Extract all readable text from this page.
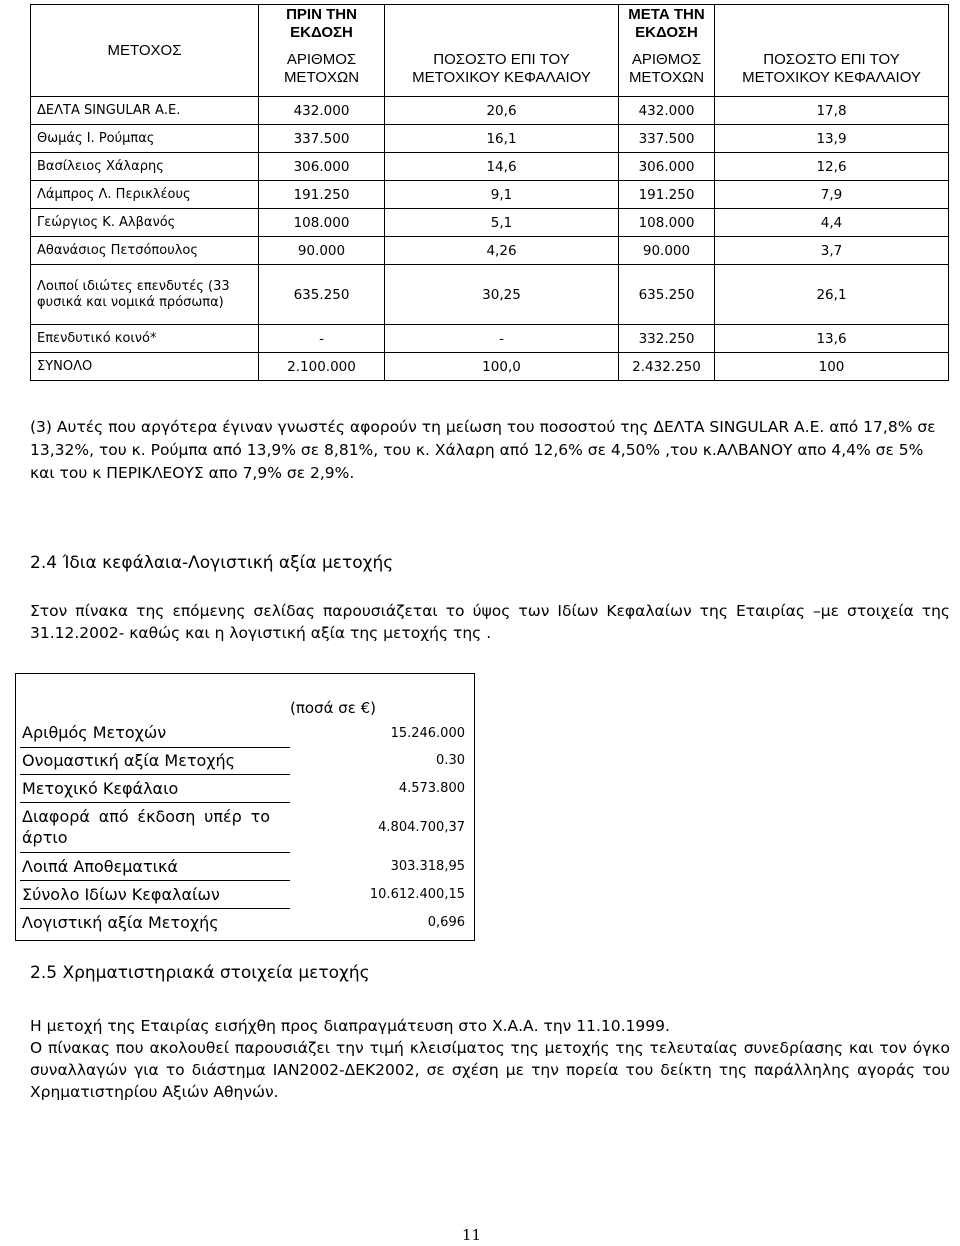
ΜΕΤΟΧΟΣ	ΠΡΙΝ ΤΗΝ ΕΚΔΟΣΗ		ΜΕΤΑ ΤΗΝ ΕΚΔΟΣΗ	
	ΑΡΙΘΜΟΣ ΜΕΤΟΧΩΝ	ΠΟΣΟΣΤΟ ΕΠΙ ΤΟΥ ΜΕΤΟΧΙΚΟΥ ΚΕΦΑΛΑΙΟΥ	ΑΡΙΘΜΟΣ ΜΕΤΟΧΩΝ	ΠΟΣΟΣΤΟ ΕΠΙ ΤΟΥ ΜΕΤΟΧΙΚΟΥ ΚΕΦΑΛΑΙΟΥ
ΔΕΛΤΑ SINGULAR Α.Ε.	432.000	20,6	432.000	17,8
Θωμάς Ι. Ρούμπας	337.500	16,1	337.500	13,9
Βασίλειος Χάλαρης	306.000	14,6	306.000	12,6
Λάμπρος Λ. Περικλέους	191.250	9,1	191.250	7,9
Γεώργιος Κ. Αλβανός	108.000	5,1	108.000	4,4
Αθανάσιος Πετσόπουλος	90.000	4,26	90.000	3,7
Λοιποί ιδιώτες επενδυτές (33 φυσικά και νομικά πρόσωπα)	635.250	30,25	635.250	26,1
Επενδυτικό κοινό*	-	-	332.250	13,6
ΣΥΝΟΛΟ	2.100.000	100,0	2.432.250	100
(3) Αυτές που αργότερα έγιναν γνωστές αφορούν τη μείωση του ποσοστού της ΔΕΛΤΑ SINGULAR Α.Ε. από 17,8% σε 13,32%, του κ. Ρούμπα από 13,9% σε 8,81%, του κ. Χάλαρη από 12,6% σε 4,50% ,του κ.ΑΛΒΑΝΟΥ απο 4,4% σε 5% και του κ ΠΕΡΙΚΛΕΟΥΣ απο 7,9% σε 2,9%.
2.4 Ίδια κεφάλαια-Λογιστική αξία μετοχής
Στον πίνακα της επόμενης σελίδας παρουσιάζεται το ύψος των Ιδίων Κεφαλαίων της Εταιρίας –με στοιχεία της 31.12.2002- καθώς και η λογιστική αξία της μετοχής της .
	(ποσά σε €)
Αριθμός Μετοχών	15.246.000
Ονομαστική αξία Μετοχής	0.30
Μετοχικό Κεφάλαιο	4.573.800
Διαφορά από έκδοση υπέρ το άρτιο	4.804.700,37
Λοιπά Αποθεματικά	303.318,95
Σύνολο Ιδίων Κεφαλαίων	10.612.400,15
Λογιστική αξία Μετοχής	0,696
2.5 Χρηματιστηριακά στοιχεία μετοχής
Η μετοχή της Εταιρίας εισήχθη προς διαπραγμάτευση στο Χ.Α.Α. την 11.10.1999.
Ο πίνακας που ακολουθεί παρουσιάζει την τιμή κλεισίματος της μετοχής της τελευταίας συνεδρίασης και τον όγκο συναλλαγών για το διάστημα ΙΑΝ2002-ΔΕΚ2002, σε σχέση με την πορεία του δείκτη της παράλληλης αγοράς του Χρηματιστηρίου Αξιών Αθηνών.
11
